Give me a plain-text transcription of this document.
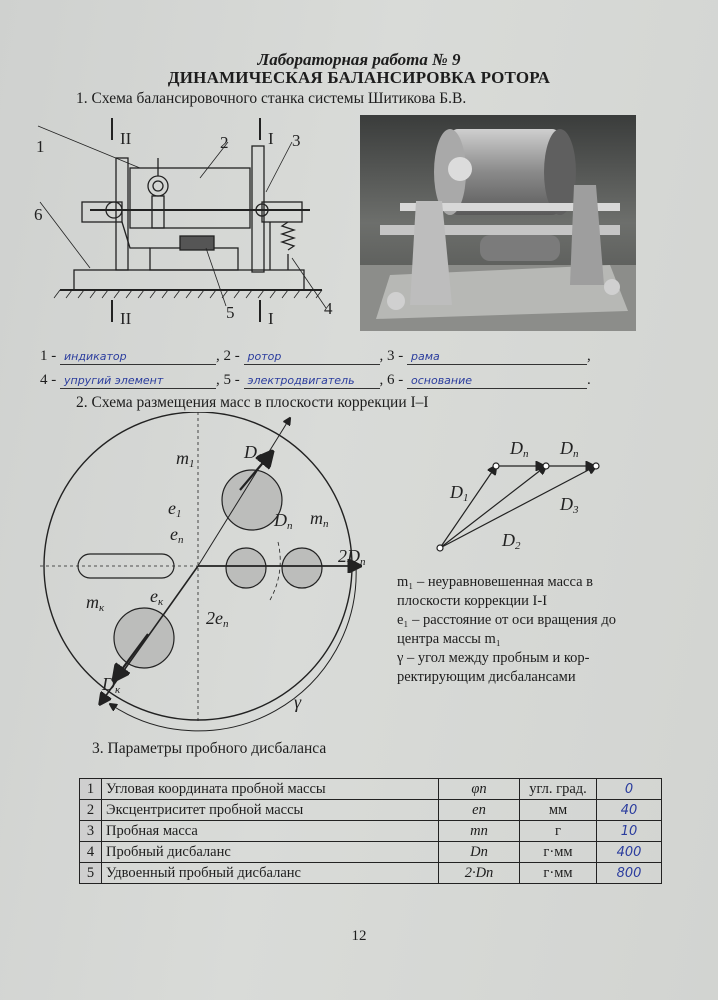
Лабораторная работа № 9
ДИНАМИЧЕСКАЯ БАЛАНСИРОВКА РОТОРА
1. Схема балансировочного станка системы Шитикова Б.В.
1	2	3
4
5
6
II	I
II	I
1 - индикатор	, 2 - ротор	, 3 - рама	,
4 - упругий элемент	, 5 - электродвигатель , 6 - основание	.
2. Схема размещения масс в плоскости коррекции I–I
m1
D1
e1
eп
Dп mп
2Dп
mк
eк
2eп
Dк
γ
Dп Dп
D1	D3
D2

m₁ – неуравновешенная масса в плоскости коррекции I-I

e₁ – расстояние от оси вращения до центра массы m₁

γ – угол между пробным и кор-ректирующим дисбалансами

3. Параметры пробного дисбаланса
1	Угловая координата пробной массы	φп	угл. град.	0
2	Эксцентриситет пробной массы	eп	мм	40
3	Пробная масса	mп	г	10
4	Пробный дисбаланс	Dп	г·мм	400
5	Удвоенный пробный дисбаланс	2·Dп	г·мм	800
12
